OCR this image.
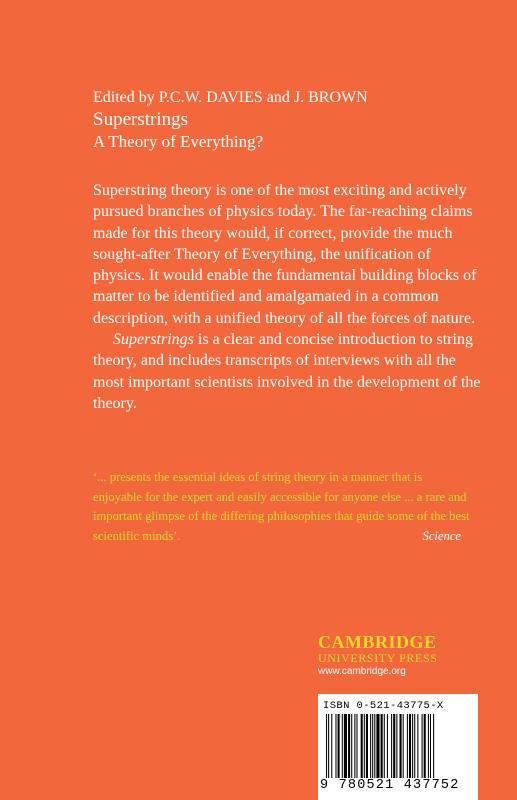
Edited by P.C.W. DAVIES and J. BROWN
Superstrings
A Theory of Everything?

Superstring theory is one of the most exciting and actively pursued branches of physics today. The far-reaching claims made for this theory would, if correct, provide the much sought-after Theory of Everything, the unification of physics. It would enable the fundamental building blocks of matter to be identified and amalgamated in a common description, with a unified theory of all the forces of nature.

Superstrings is a clear and concise introduction to string theory, and includes transcripts of interviews with all the most important scientists involved in the development of the theory.

‘... presents the essential ideas of string theory in a manner that is enjoyable for the expert and easily accessible for anyone else ... a rare and important glimpse of the differing philosophies that guide some of the best scientific minds’.	Science
CAMBRIDGE
UNIVERSITY PRESS
www.cambridge.org
ISBN 0-521-43775-X
9 780521 437752
